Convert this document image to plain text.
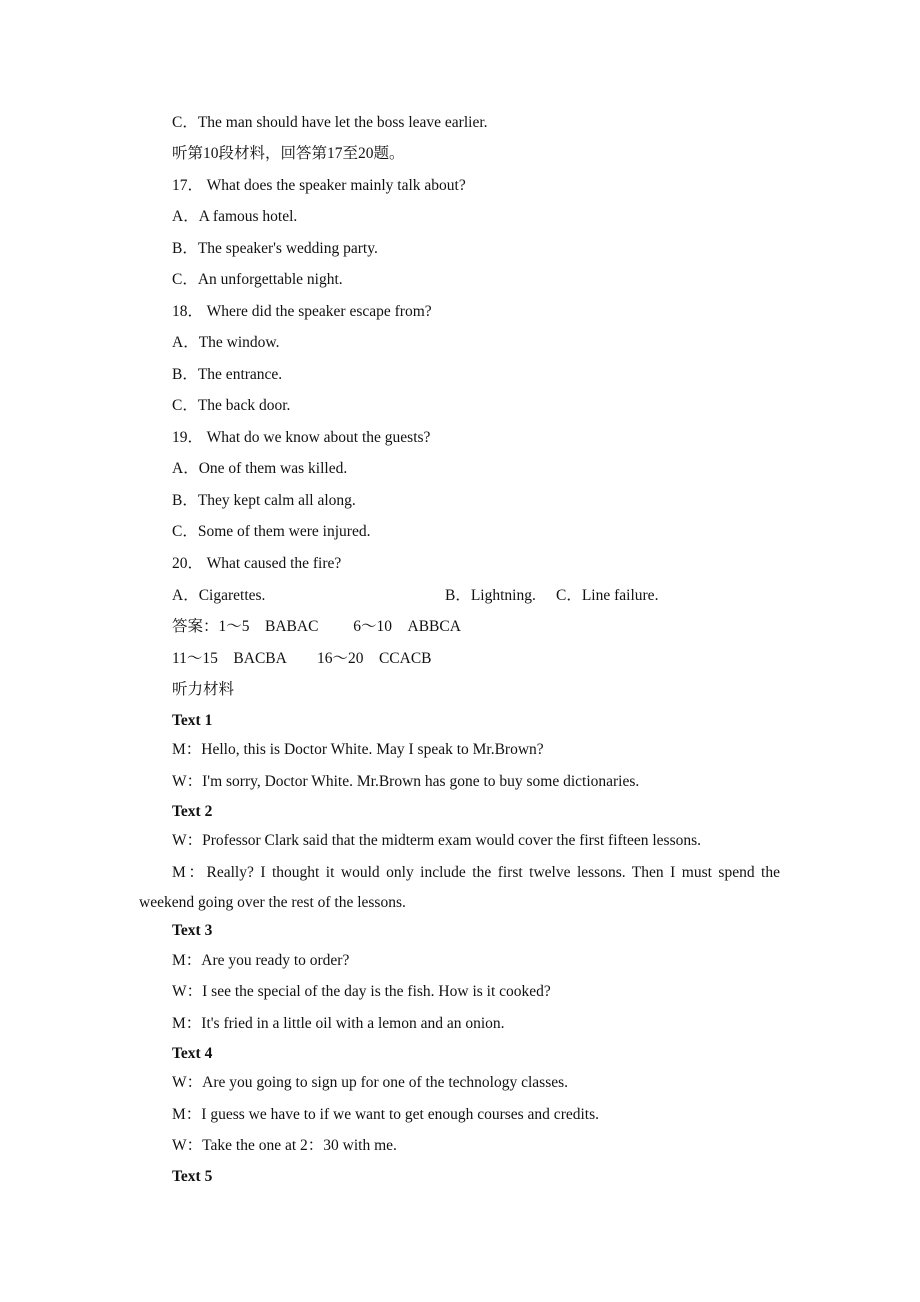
C．The man should have let the boss leave earlier.
听第10段材料，回答第17至20题。
17． What does the speaker mainly talk about?
A．A famous hotel.
B．The speaker's wedding party.
C．An unforgettable night.
18． Where did the speaker escape from?
A．The window.
B．The entrance.
C．The back door.
19． What do we know about the guests?
A．One of them was killed.
B．They kept calm all along.
C．Some of them were injured.
20． What caused the fire?
A．Cigarettes.	B．Lightning. C．Line failure.
答案：1～5　BABAC　　 6～10　ABBCA
11～15　BACBA　　16～20　CCACB
听力材料
Text 1
M：Hello, this is Doctor White. May I speak to Mr.Brown?
W：I'm sorry, Doctor White. Mr.Brown has gone to buy some dictionaries.
Text 2
W：Professor Clark said that the midterm exam would cover the first fifteen lessons.
M：Really? I thought it would only include the first twelve lessons. Then I must spend the
weekend going over the rest of the lessons.
Text 3
M：Are you ready to order?
W：I see the special of the day is the fish. How is it cooked?
M：It's fried in a little oil with a lemon and an onion.
Text 4
W：Are you going to sign up for one of the technology classes.
M：I guess we have to if we want to get enough courses and credits.
W：Take the one at 2：30 with me.
Text 5
